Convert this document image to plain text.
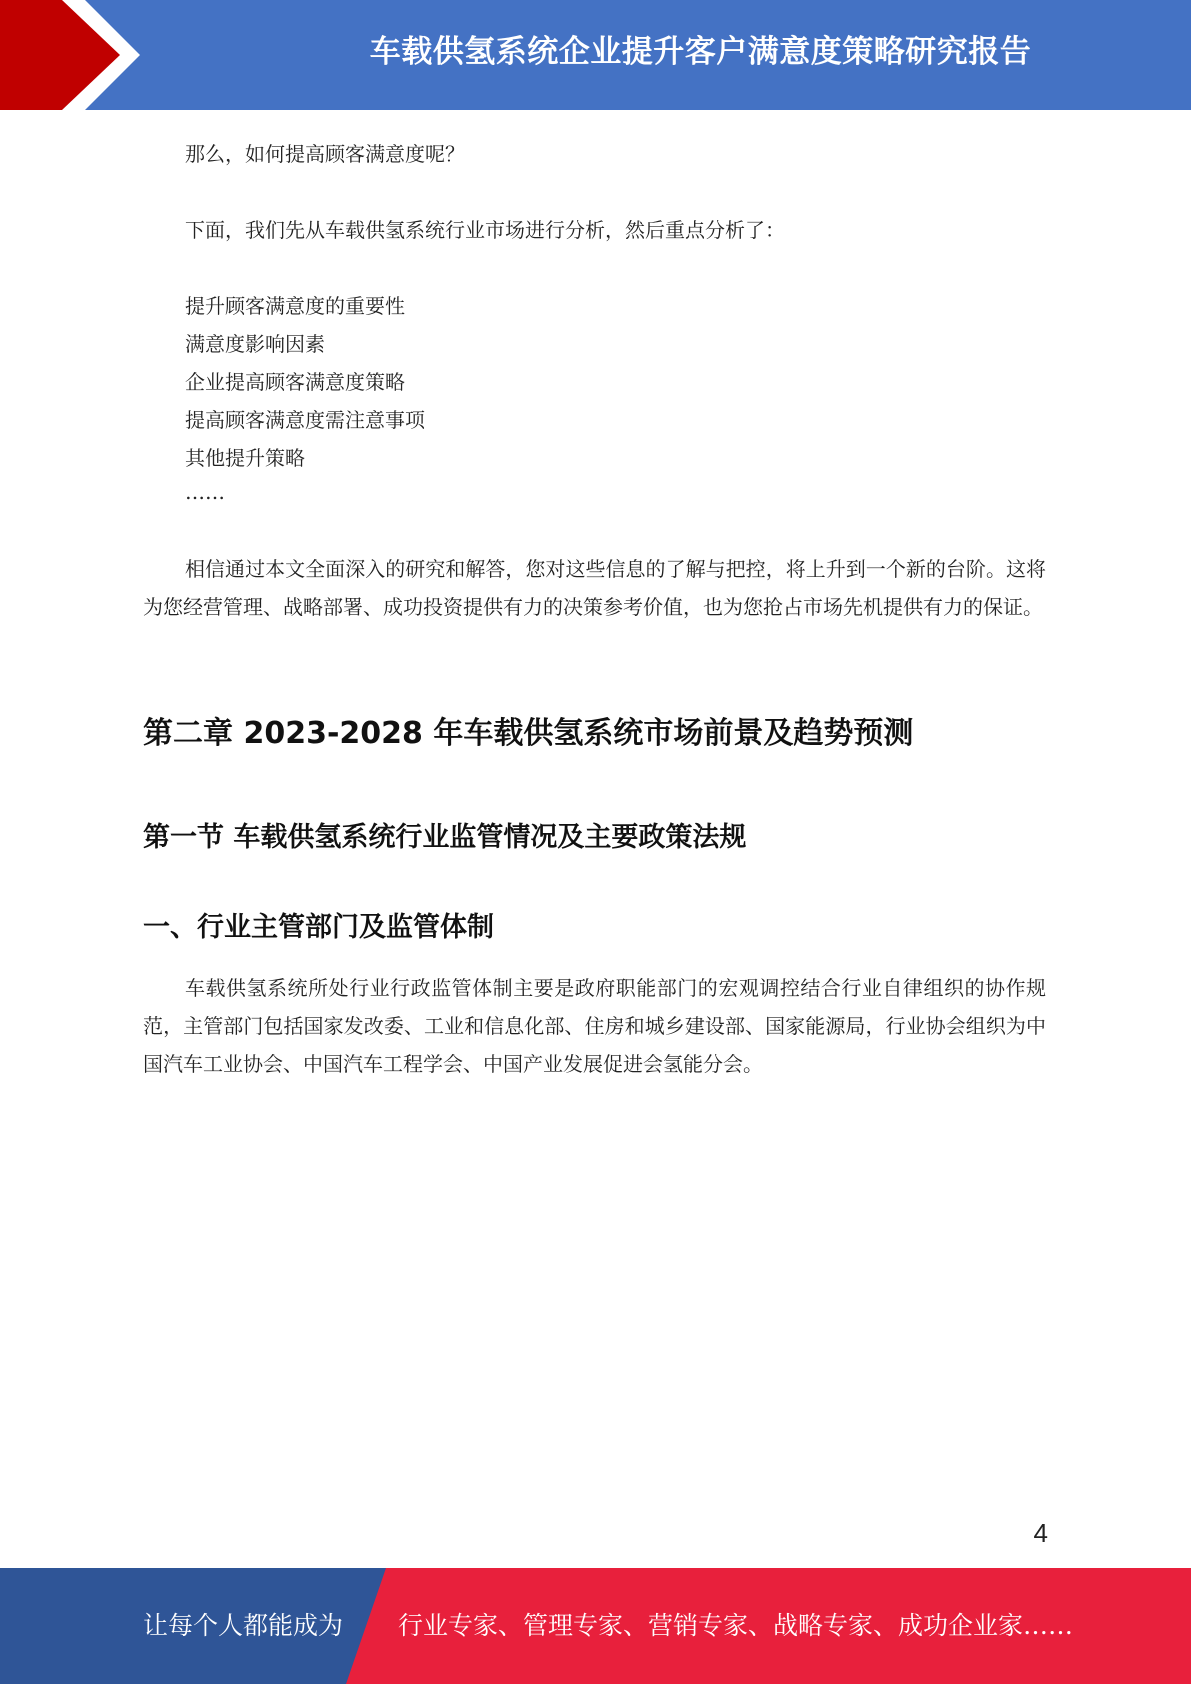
车载供氢系统企业提升客户满意度策略研究报告

那么，如何提高顾客满意度呢？

下面，我们先从车载供氢系统行业市场进行分析，然后重点分析了：

提升顾客满意度的重要性

满意度影响因素

企业提高顾客满意度策略

提高顾客满意度需注意事项

其他提升策略

……

相信通过本文全面深入的研究和解答，您对这些信息的了解与把控，将上升到一个新的台阶。这将为您经营管理、战略部署、成功投资提供有力的决策参考价值，也为您抢占市场先机提供有力的保证。

第二章 2023-2028 年车载供氢系统市场前景及趋势预测
第一节 车载供氢系统行业监管情况及主要政策法规
一、行业主管部门及监管体制

车载供氢系统所处行业行政监管体制主要是政府职能部门的宏观调控结合行业自律组织的协作规范，主管部门包括国家发改委、工业和信息化部、住房和城乡建设部、国家能源局，行业协会组织为中国汽车工业协会、中国汽车工程学会、中国产业发展促进会氢能分会。

4
让每个人都能成为 行业专家、管理专家、营销专家、战略专家、成功企业家……
